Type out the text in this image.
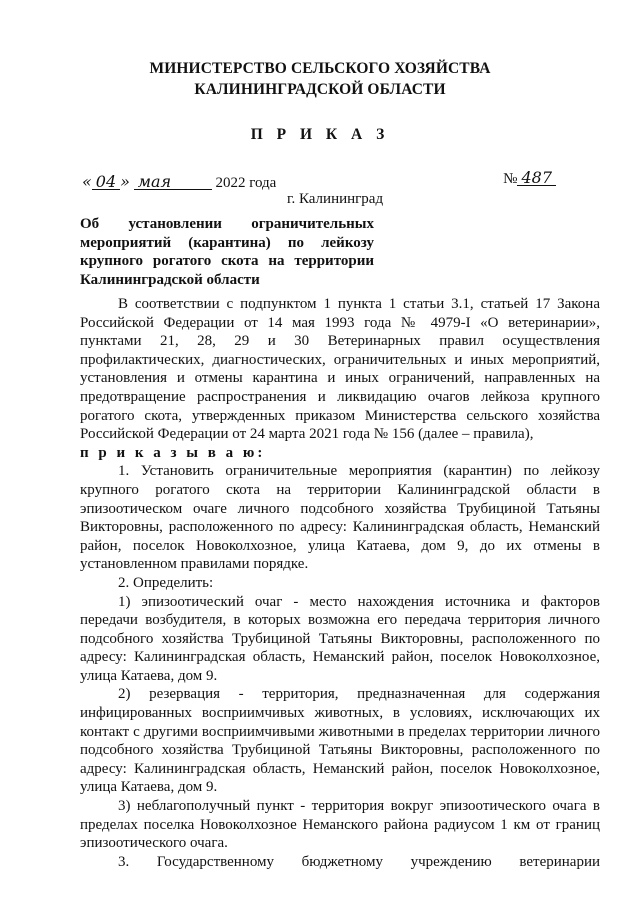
МИНИСТЕРСТВО СЕЛЬСКОГО ХОЗЯЙСТВА
КАЛИНИНГРАДСКОЙ ОБЛАСТИ
П Р И К А З
« 04 » мая	2022 года	№ 487
г. Калининград
Об установлении ограничительных мероприятий (карантина) по лейкозу крупного рогатого скота на территории Калининградской области

В соответствии с подпунктом 1 пункта 1 статьи 3.1, статьей 17 Закона Российской Федерации от 14 мая 1993 года № 4979-I «О ветеринарии», пунктами 21, 28, 29 и 30 Ветеринарных правил осуществления профилактических, диагностических, ограничительных и иных мероприятий, установления и отмены карантина и иных ограничений, направленных на предотвращение распространения и ликвидацию очагов лейкоза крупного рогатого скота, утвержденных приказом Министерства сельского хозяйства Российской Федерации от 24 марта 2021 года № 156 (далее – правила),

п р и к а з ы в а ю:

1. Установить ограничительные мероприятия (карантин) по лейкозу крупного рогатого скота на территории Калининградской области в эпизоотическом очаге личного подсобного хозяйства Трубициной Татьяны Викторовны, расположенного по адресу: Калининградская область, Неманский район, поселок Новоколхозное, улица Катаева, дом 9, до их отмены в установленном правилами порядке.

2. Определить:

1) эпизоотический очаг - место нахождения источника и факторов передачи возбудителя, в которых возможна его передача территория личного подсобного хозяйства Трубициной Татьяны Викторовны, расположенного по адресу: Калининградская область, Неманский район, поселок Новоколхозное, улица Катаева, дом 9.

2) резервация - территория, предназначенная для содержания инфицированных восприимчивых животных, в условиях, исключающих их контакт с другими восприимчивыми животными в пределах территории личного подсобного хозяйства Трубициной Татьяны Викторовны, расположенного по адресу: Калининградская область, Неманский район, поселок Новоколхозное, улица Катаева, дом 9.

3) неблагополучный пункт - территория вокруг эпизоотического очага в пределах поселка Новоколхозное Неманского района радиусом 1 км от границ эпизоотического очага.

3. Государственному бюджетному учреждению ветеринарии
